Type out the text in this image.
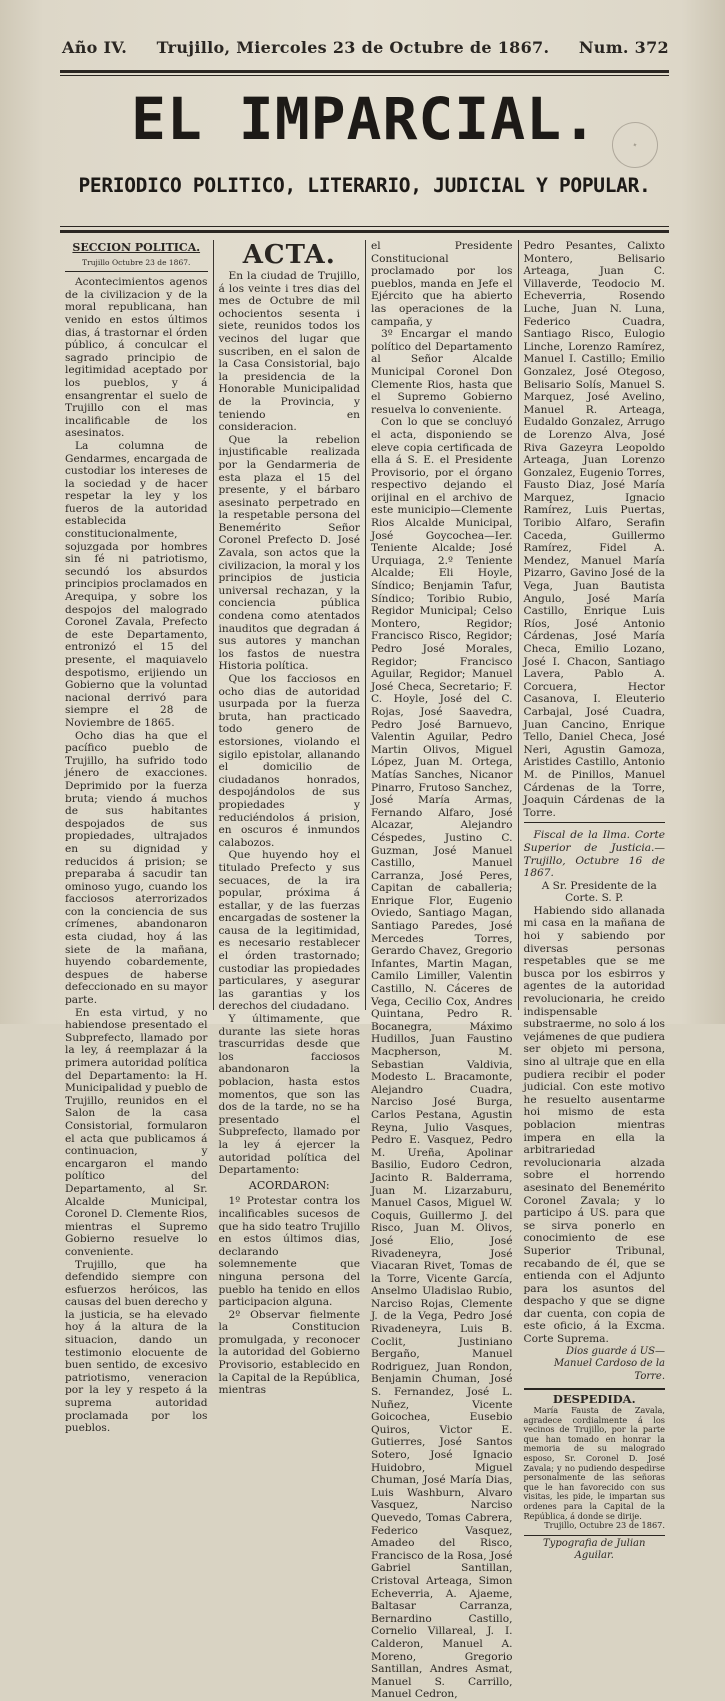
Año IV. Trujillo, Miercoles 23 de Octubre de 1867. Num. 372
EL IMPARCIAL.	✦
PERIODICO POLITICO, LITERARIO, JUDICIAL Y POPULAR.
SECCION POLITICA.
Trujillo Octubre 23 de 1867.

Acontecimientos agenos de la civilizacion y de la moral republicana, han venido en estos últimos dias, á trastornar el órden público, á conculcar el sagrado principio de legitimidad aceptado por los pueblos, y á ensangrentar el suelo de Trujillo con el mas incalificable de los asesinatos.

La columna de Gendarmes, encargada de custodiar los intereses de la sociedad y de hacer respetar la ley y los fueros de la autoridad establecida constitucionalmente, sojuzgada por hombres sin fé ni patriotismo, secundó los absurdos principios proclamados en Arequipa, y sobre los despojos del malogrado Coronel Zavala, Prefecto de este Departamento, entronizó el 15 del presente, el maquiavelo despotismo, erijiendo un Gobierno que la voluntad nacional derrivó para siempre el 28 de Noviembre de 1865.

Ocho dias ha que el pacífico pueblo de Trujillo, ha sufrido todo jénero de exacciones. Deprimido por la fuerza bruta; viendo á muchos de sus habitantes despojados de sus propiedades, ultrajados en su dignidad y reducidos á prision; se preparaba á sacudir tan ominoso yugo, cuando los facciosos aterrorizados con la conciencia de sus crímenes, abandonaron esta ciudad, hoy á las siete de la mañana, huyendo cobardemente, despues de haberse defeccionado en su mayor parte.

En esta virtud, y no habiendose presentado el Subprefecto, llamado por la ley, á reemplazar á la primera autoridad política del Departamento: la H. Municipalidad y pueblo de Trujillo, reunidos en el Salon de la casa Consistorial, formularon el acta que publicamos á continuacion, y encargaron el mando político del Departamento, al Sr. Alcalde Municipal, Coronel D. Clemente Rios, mientras el Supremo Gobierno resuelve lo conveniente.

Trujillo, que ha defendido siempre con esfuerzos heróicos, las causas del buen derecho y la justicia, se ha elevado hoy á la altura de la situacion, dando un testimonio elocuente de buen sentido, de excesivo patriotismo, veneracion por la ley y respeto á la suprema autoridad proclamada por los pueblos.

ACTA.

En la ciudad de Trujillo, á los veinte i tres dias del mes de Octubre de mil ochocientos sesenta i siete, reunidos todos los vecinos del lugar que suscriben, en el salon de la Casa Consistorial, bajo la presidencia de la Honorable Municipalidad de la Provincia, y teniendo en consideracion.

Que la rebelion injustificable realizada por la Gendarmeria de esta plaza el 15 del presente, y el bárbaro asesinato perpetrado en la respetable persona del Benemérito Señor Coronel Prefecto D. José Zavala, son actos que la civilizacion, la moral y los principios de justicia universal rechazan, y la conciencia pública condena como atentados inauditos que degradan á sus autores y manchan los fastos de nuestra Historia política.

Que los facciosos en ocho dias de autoridad usurpada por la fuerza bruta, han practicado todo genero de estorsiones, violando el sigilo epistolar, allanando el domicilio de ciudadanos honrados, despojándolos de sus propiedades y reduciéndolos á prision, en oscuros é inmundos calabozos.

Que huyendo hoy el titulado Prefecto y sus secuaces, de la ira popular, próxima á estallar, y de las fuerzas encargadas de sostener la causa de la legitimidad, es necesario restablecer el órden trastornado; custodiar las propiedades particulares, y asegurar las garantias y los derechos del ciudadano.

Y últimamente, que durante las siete horas trascurridas desde que los facciosos abandonaron la poblacion, hasta estos momentos, que son las dos de la tarde, no se ha presentado el Subprefecto, llamado por la ley á ejercer la autoridad política del Departamento:

ACORDARON:

1º Protestar contra los incalificables sucesos de que ha sido teatro Trujillo en estos últimos dias, declarando solemnemente que ninguna persona del pueblo ha tenido en ellos participacion alguna.

2º Observar fielmente la Constitucion promulgada, y reconocer la autoridad del Gobierno Provisorio, establecido en la Capital de la República, mientras

el Presidente Constitucional proclamado por los pueblos, manda en Jefe el Ejército que ha abierto las operaciones de la campaña, y

3º Encargar el mando político del Departamento al Señor Alcalde Municipal Coronel Don Clemente Rios, hasta que el Supremo Gobierno resuelva lo conveniente.

Con lo que se concluyó el acta, disponiendo se eleve copia certificada de ella á S. E. el Presidente Provisorio, por el órgano respectivo dejando el orijinal en el archivo de este municipio—Clemente Rios Alcalde Municipal, José Goycochea—Ier. Teniente Alcalde; José Urquiaga, 2.º Teniente Alcalde; Eli Hoyle, Síndico; Benjamin Tafur, Síndico; Toribio Rubio, Regidor Municipal; Celso Montero, Regidor; Francisco Risco, Regidor; Pedro José Morales, Regidor; Francisco Aguilar, Regidor; Manuel José Checa, Secretario; F. C. Hoyle, José del C. Rojas, José Saavedra, Pedro José Barnuevo, Valentin Aguilar, Pedro Martin Olivos, Miguel López, Juan M. Ortega, Matías Sanches, Nicanor Pinarro, Frutoso Sanchez, José María Armas, Fernando Alfaro, José Alcazar, Alejandro Céspedes, Justino C. Guzman, José Manuel Castillo, Manuel Carranza, José Peres, Capitan de caballeria; Enrique Flor, Eugenio Oviedo, Santiago Magan, Santiago Paredes, José Mercedes Torres, Gerardo Chavez, Gregorio Infantes, Martin Magan, Camilo Limiller, Valentin Castillo, N. Cáceres de Vega, Cecilio Cox, Andres Quintana, Pedro R. Bocanegra, Máximo Hudillos, Juan Faustino Macpherson, M. Sebastian Valdivia, Modesto L. Bracamonte, Alejandro Cuadra, Narciso José Burga, Carlos Pestana, Agustin Reyna, Julio Vasques, Pedro E. Vasquez, Pedro M. Ureña, Apolinar Basilio, Eudoro Cedron, Jacinto R. Balderrama, Juan M. Lizarzaburu, Manuel Casos, Miguel W. Coquis, Guillermo J. del Risco, Juan M. Olivos, José Elio, José Rivadeneyra, José Viacaran Rivet, Tomas de la Torre, Vicente García, Anselmo Uladislao Rubio, Narciso Rojas, Clemente J. de la Vega, Pedro José Rivadeneyra, Luis B. Coclit, Justiniano Bergaño, Manuel Rodriguez, Juan Rondon, Benjamin Chuman, José S. Fernandez, José L. Nuñez, Vicente Goicochea, Eusebio Quiros, Victor E. Gutierres, José Santos Sotero, José Ignacio Huidobro, Miguel Chuman, José María Dias, Luis Washburn, Alvaro Vasquez, Narciso Quevedo, Tomas Cabrera, Federico Vasquez, Amadeo del Risco, Francisco de la Rosa, José Gabriel Santillan, Cristoval Arteaga, Simon Echeverria, A. Ajaeme, Baltasar Carranza, Bernardino Castillo, Cornelio Villareal, J. I. Calderon, Manuel A. Moreno, Gregorio Santillan, Andres Asmat, Manuel S. Carrillo, Manuel Cedron,

Pedro Pesantes, Calixto Montero, Belisario Arteaga, Juan C. Villaverde, Teodocio M. Echeverria, Rosendo Luche, Juan N. Luna, Federico Cuadra, Santiago Risco, Eulogio Linche, Lorenzo Ramírez, Manuel I. Castillo; Emilio Gonzalez, José Otegoso, Belisario Solís, Manuel S. Marquez, José Avelino, Manuel R. Arteaga, Eudaldo Gonzalez, Arrugo de Lorenzo Alva, José Riva Gazeyra Leopoldo Arteaga, Juan Lorenzo Gonzalez, Eugenio Torres, Fausto Diaz, José María Marquez, Ignacio Ramírez, Luis Puertas, Toribio Alfaro, Serafin Caceda, Guillermo Ramírez, Fidel A. Mendez, Manuel María Pizarro, Gavino José de la Vega, Juan Bautista Angulo, José María Castillo, Enrique Luis Ríos, José Antonio Cárdenas, José María Checa, Emilio Lozano, José I. Chacon, Santiago Lavera, Pablo A. Corcuera, Hector Casanova, I. Eleuterio Carbajal, José Cuadra, Juan Cancino, Enrique Tello, Daniel Checa, José Neri, Agustin Gamoza, Aristides Castillo, Antonio M. de Pinillos, Manuel Cárdenas de la Torre, Joaquin Cárdenas de la Torre.

Fiscal de la Ilma. Corte Superior de Justicia.—Trujillo, Octubre 16 de 1867.

A Sr. Presidente de la Corte. S. P.

Habiendo sido allanada mi casa en la mañana de hoi y sabiendo por diversas personas respetables que se me busca por los esbirros y agentes de la autoridad revolucionaria, he creido indispensable substraerme, no solo á los vejámenes de que pudiera ser objeto mi persona, sino al ultraje que en ella pudiera recibir el poder judicial. Con este motivo he resuelto ausentarme hoi mismo de esta poblacion mientras impera en ella la arbitrariedad revolucionaria alzada sobre el horrendo asesinato del Benemérito Coronel Zavala; y lo participo á US. para que se sirva ponerlo en conocimiento de ese Superior Tribunal, recabando de él, que se entienda con el Adjunto para los asuntos del despacho y que se digne dar cuenta, con copia de este oficio, á la Excma. Corte Suprema.

Dios guarde á US—Manuel Cardoso de la Torre.

DESPEDIDA.

María Fausta de Zavala, agradece cordialmente á los vecinos de Trujillo, por la parte que han tomado en honrar la memoria de su malogrado esposo, Sr. Coronel D. José Zavala; y no pudiendo despedirse personalmente de las señoras que le han favorecido con sus visitas, les pide, le impartan sus ordenes para la Capital de la República, á donde se dirije.

Trujillo, Octubre 23 de 1867.

Typografia de Julian Aguilar.
